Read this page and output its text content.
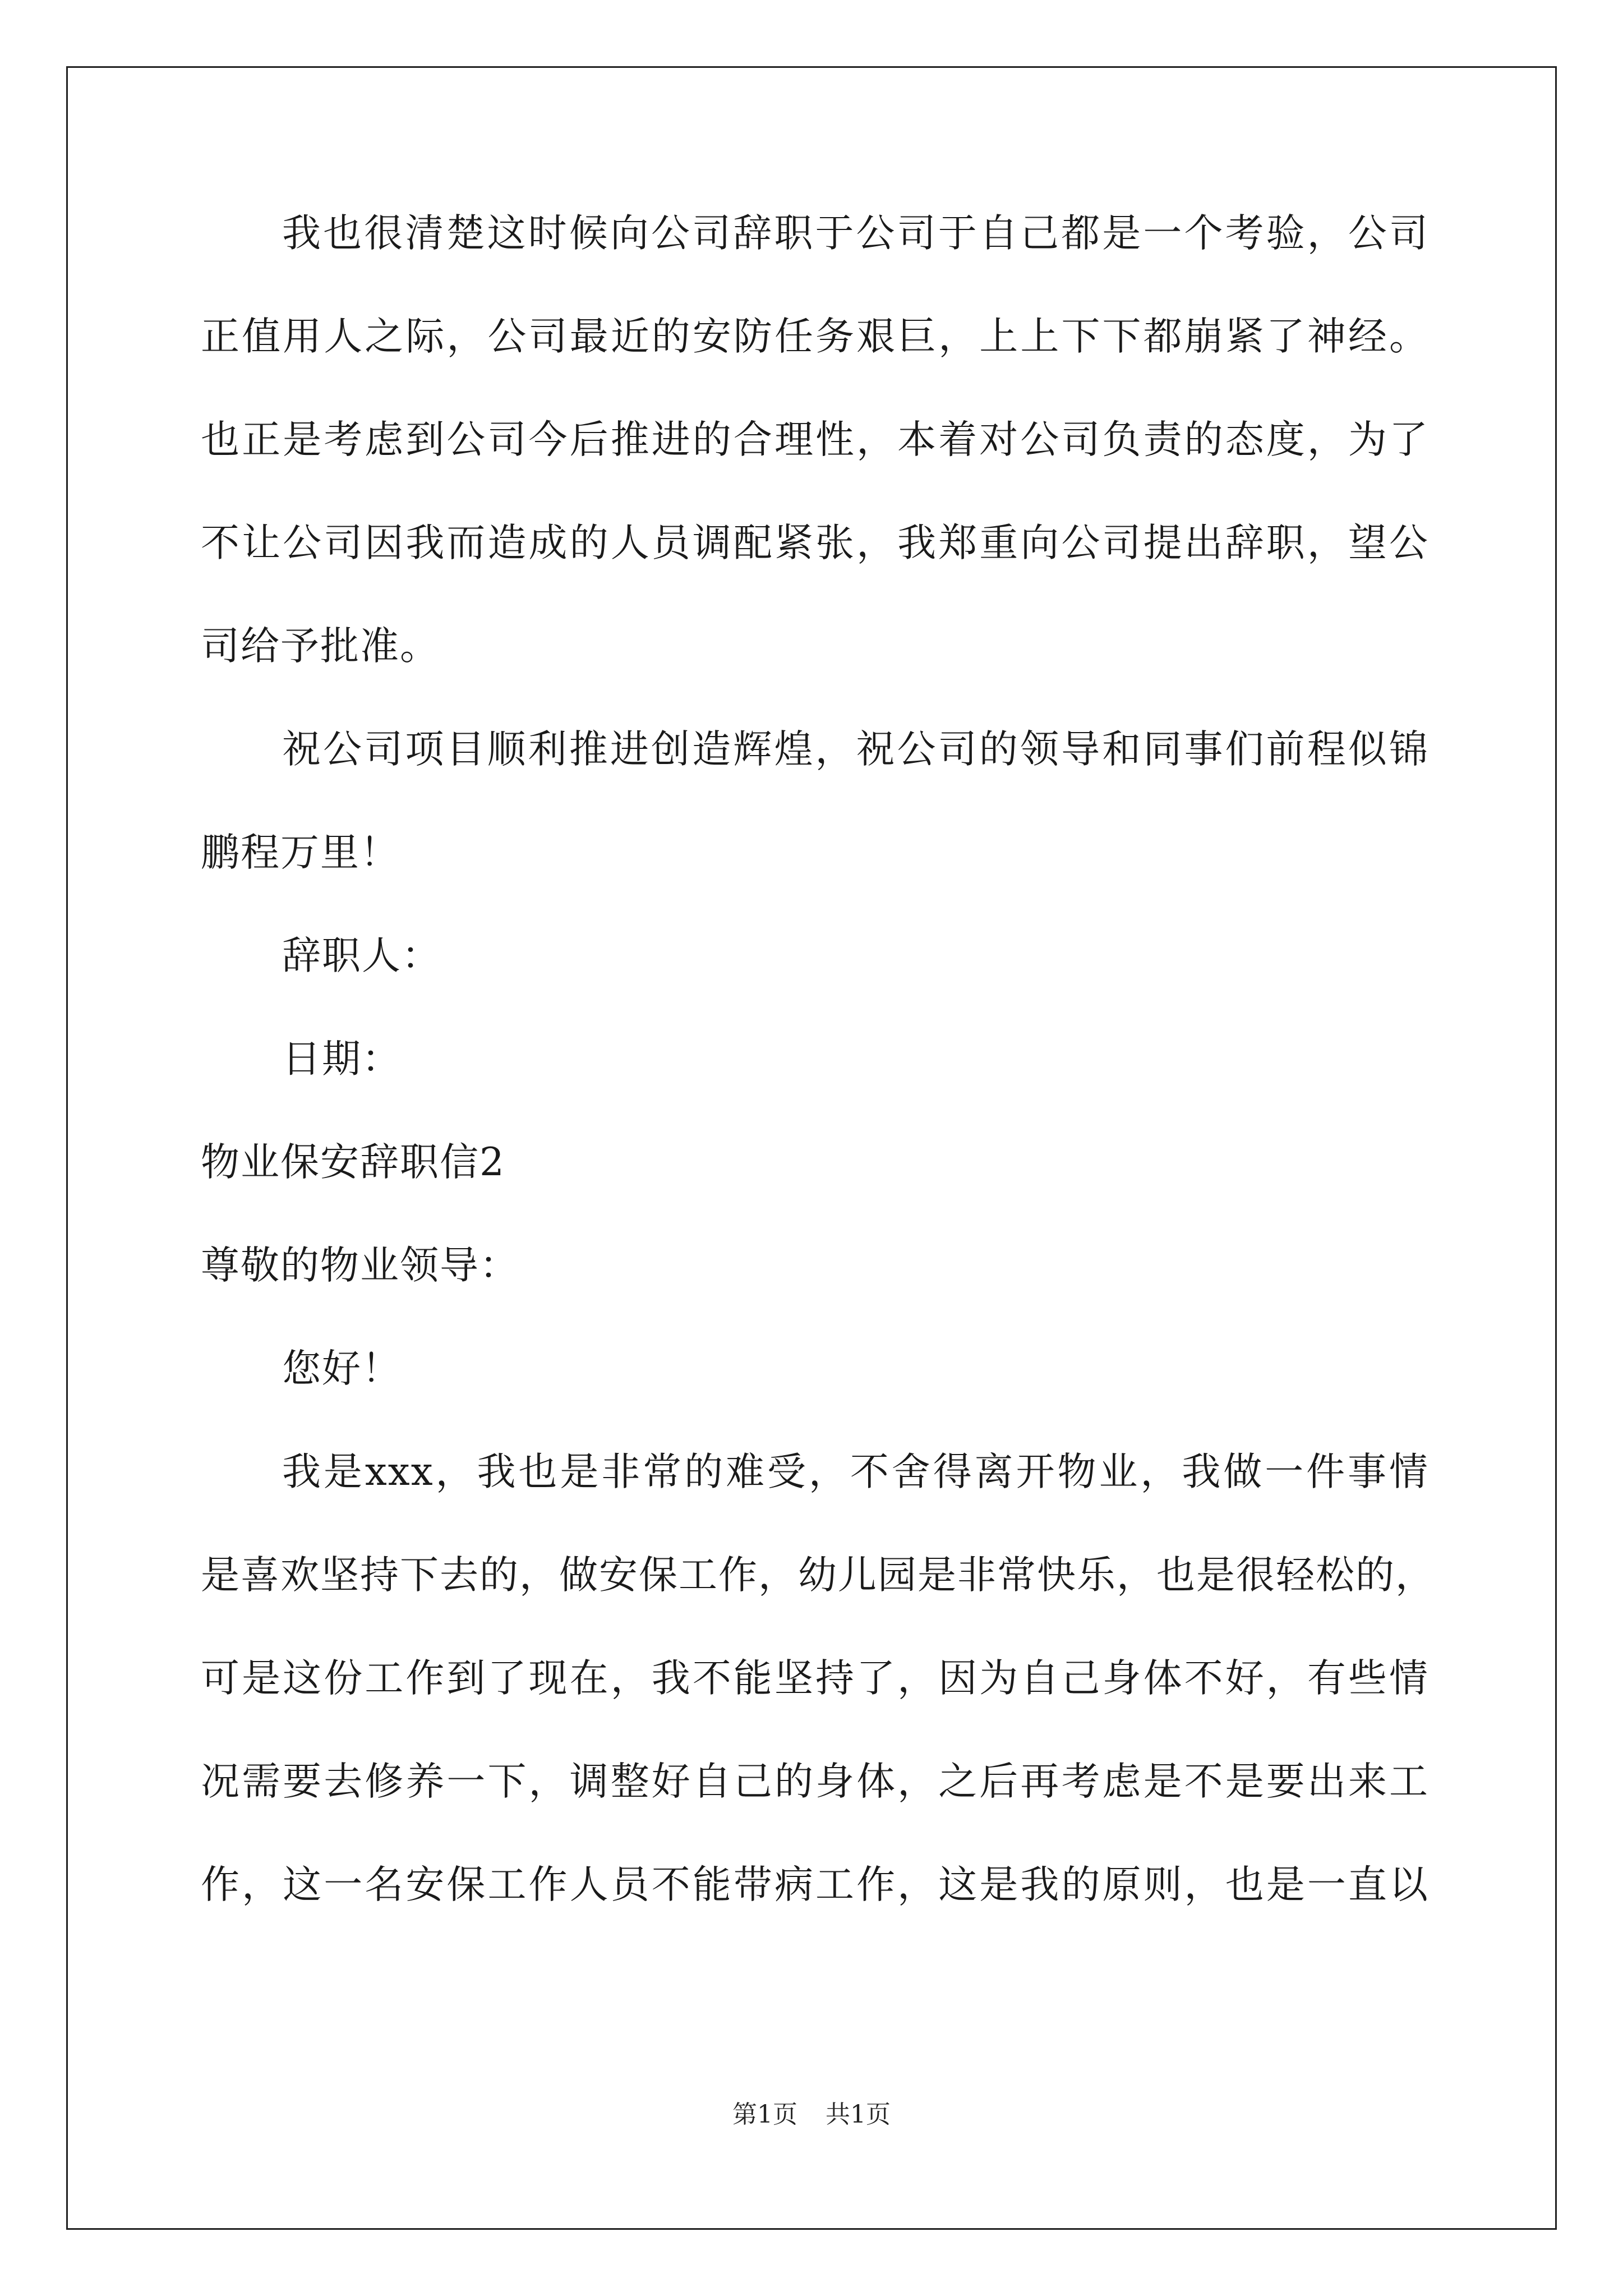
我也很清楚这时候向公司辞职于公司于自己都是一个考验，公司
正值用人之际，公司最近的安防任务艰巨，上上下下都崩紧了神经。
也正是考虑到公司今后推进的合理性，本着对公司负责的态度，为了
不让公司因我而造成的人员调配紧张，我郑重向公司提出辞职，望公
司给予批准。
祝公司项目顺利推进创造辉煌，祝公司的领导和同事们前程似锦
鹏程万里！
辞职人：
日期：
物业保安辞职信2
尊敬的物业领导：
您好！
我是xxx，我也是非常的难受，不舍得离开物业，我做一件事情
是喜欢坚持下去的，做安保工作，幼儿园是非常快乐，也是很轻松的，
可是这份工作到了现在，我不能坚持了，因为自己身体不好，有些情
况需要去修养一下，调整好自己的身体，之后再考虑是不是要出来工
作，这一名安保工作人员不能带病工作，这是我的原则，也是一直以
第1页 共1页
